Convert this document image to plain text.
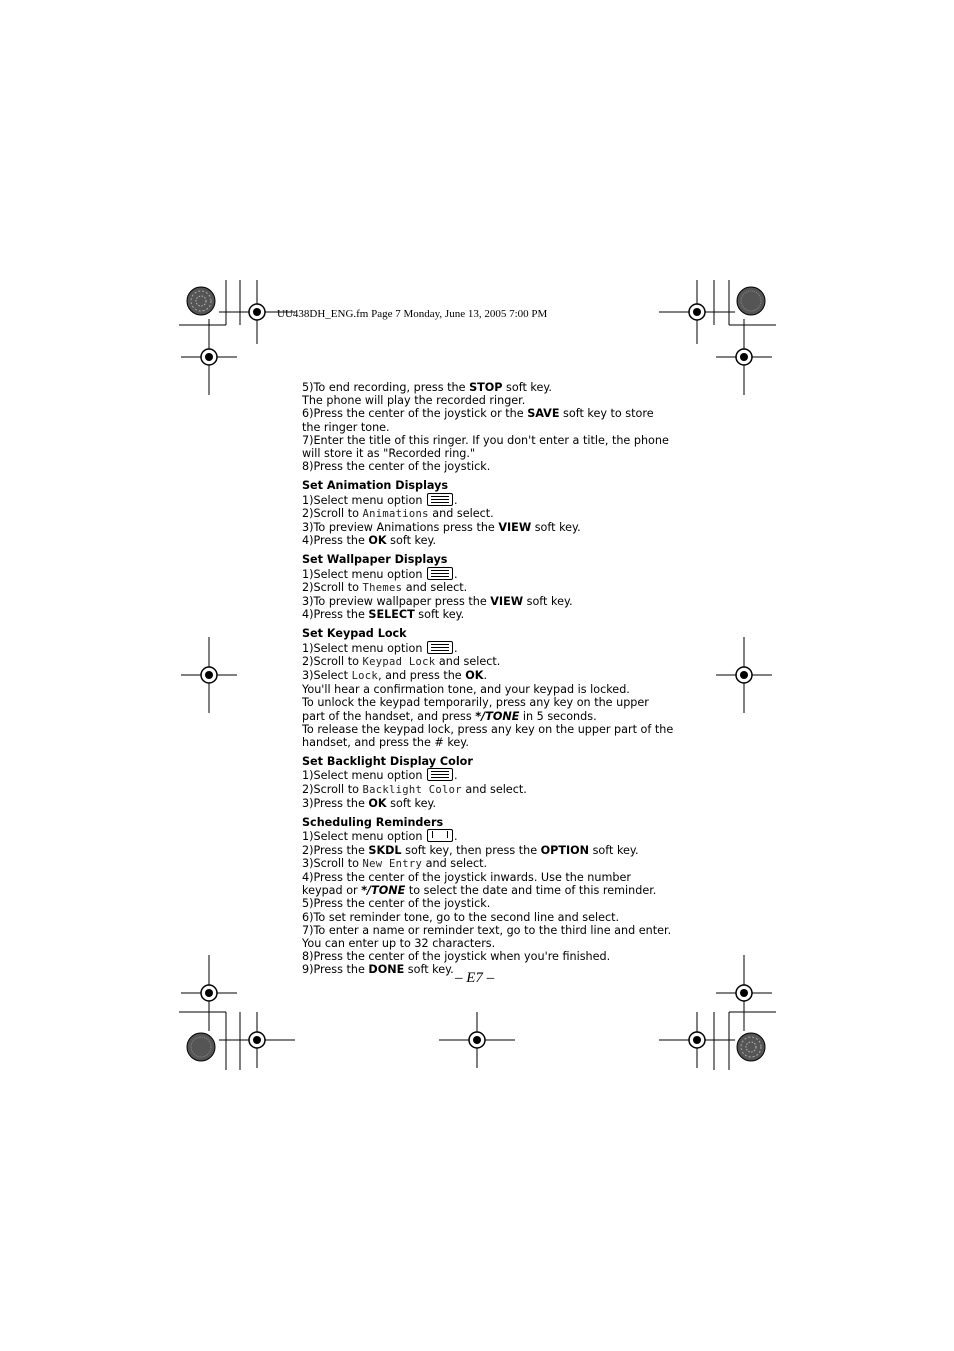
UU438DH_ENG.fm Page 7 Monday, June 13, 2005 7:00 PM

5)To end recording, press the STOP soft key.

The phone will play the recorded ringer.

6)Press the center of the joystick or the SAVE soft key to store the ringer tone.

7)Enter the title of this ringer. If you don't enter a title, the phone will store it as "Recorded ring."

8)Press the center of the joystick.

Set Animation Displays

1)Select menu option	.

2)Scroll to Animations and select.

3)To preview Animations press the VIEW soft key.

4)Press the OK soft key.

Set Wallpaper Displays

1)Select menu option	.

2)Scroll to Themes and select.

3)To preview wallpaper press the VIEW soft key.

4)Press the SELECT soft key.

Set Keypad Lock

1)Select menu option	.

2)Scroll to Keypad Lock and select.

3)Select Lock, and press the OK.

You'll hear a confirmation tone, and your keypad is locked.

To unlock the keypad temporarily, press any key on the upper part of the handset, and press */TONE in 5 seconds.

To release the keypad lock, press any key on the upper part of the handset, and press the # key.

Set Backlight Display Color

1)Select menu option	.

2)Scroll to Backlight Color and select.

3)Press the OK soft key.

Scheduling Reminders

1)Select menu option	.

2)Press the SKDL soft key, then press the OPTION soft key.

3)Scroll to New Entry and select.

4)Press the center of the joystick inwards. Use the number keypad or */TONE to select the date and time of this reminder.

5)Press the center of the joystick.

6)To set reminder tone, go to the second line and select.

7)To enter a name or reminder text, go to the third line and enter. You can enter up to 32 characters.

8)Press the center of the joystick when you're finished.

9)Press the DONE soft key.

– E7 –
